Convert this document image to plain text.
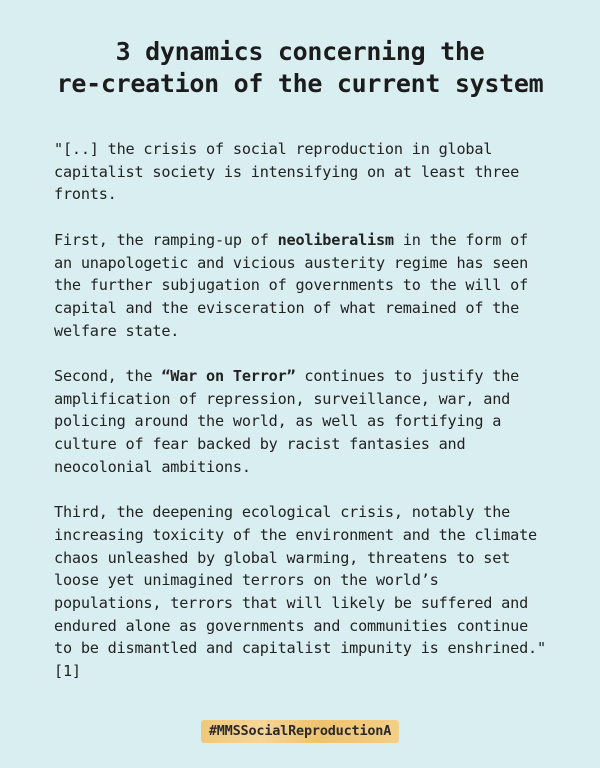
3 dynamics concerning the
re-creation of the current system

"[..] the crisis of social reproduction in global capitalist society is intensifying on at least three fronts.

First, the ramping-up of neoliberalism in the form of an unapologetic and vicious austerity regime has seen the further subjugation of governments to the will of capital and the evisceration of what remained of the welfare state.

Second, the “War on Terror” continues to justify the amplification of repression, surveillance, war, and policing around the world, as well as fortifying a culture of fear backed by racist fantasies and neocolonial ambitions.

Third, the deepening ecological crisis, notably the increasing toxicity of the environment and the climate chaos unleashed by global warming, threatens to set loose yet unimagined terrors on the world’s populations, terrors that will likely be suffered and endured alone as governments and communities continue to be dismantled and capitalist impunity is enshrined." [1]

#MMSSocialReproductionA
